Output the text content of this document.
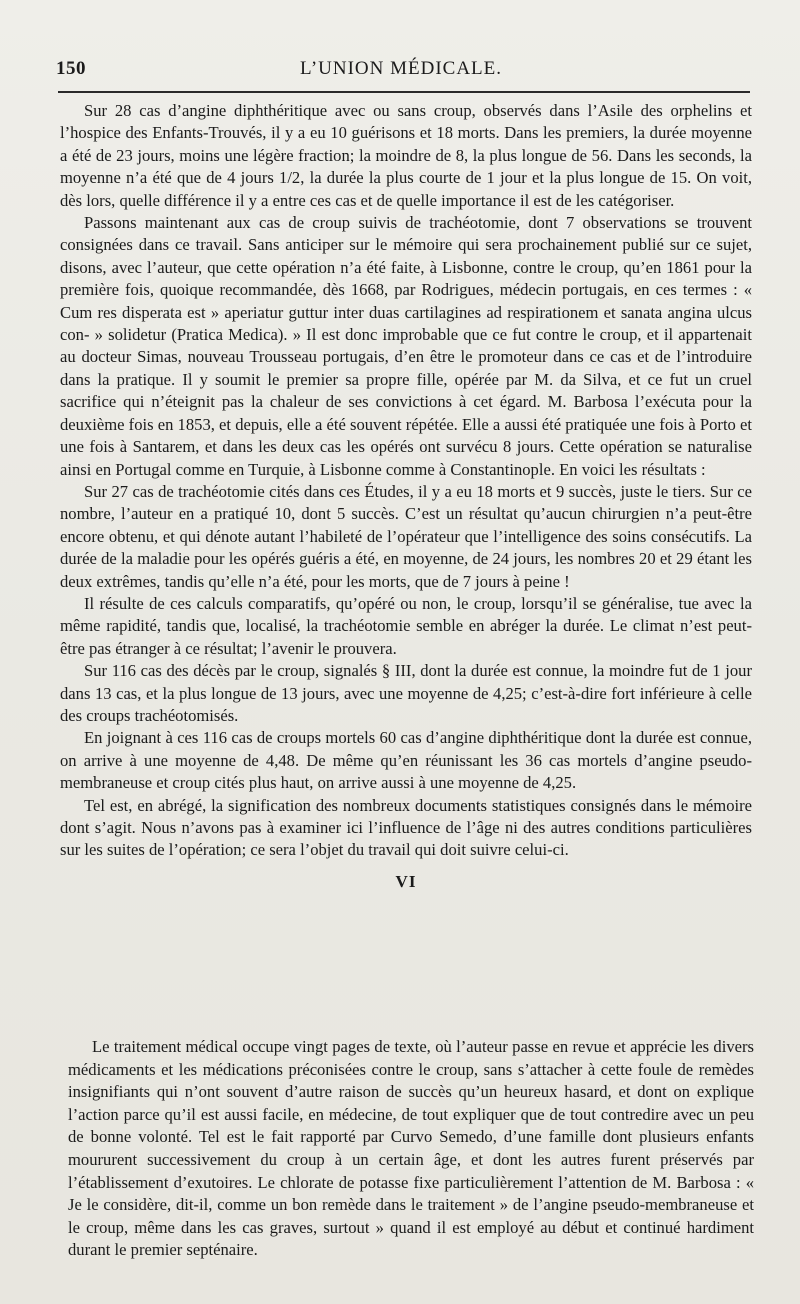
150	L’UNION MÉDICALE.

Sur 28 cas d’angine diphthéritique avec ou sans croup, observés dans l’Asile des orphelins et l’hospice des Enfants-Trouvés, il y a eu 10 guérisons et 18 morts. Dans les premiers, la durée moyenne a été de 23 jours, moins une légère fraction; la moindre de 8, la plus longue de 56. Dans les seconds, la moyenne n’a été que de 4 jours 1/2, la durée la plus courte de 1 jour et la plus longue de 15. On voit, dès lors, quelle différence il y a entre ces cas et de quelle importance il est de les catégoriser.

Passons maintenant aux cas de croup suivis de trachéotomie, dont 7 observations se trouvent consignées dans ce travail. Sans anticiper sur le mémoire qui sera prochainement publié sur ce sujet, disons, avec l’auteur, que cette opération n’a été faite, à Lisbonne, contre le croup, qu’en 1861 pour la première fois, quoique recommandée, dès 1668, par Rodrigues, médecin portugais, en ces termes : « Cum res disperata est » aperiatur guttur inter duas cartilagines ad respirationem et sanata angina ulcus con- » solidetur (Pratica Medica). » Il est donc improbable que ce fut contre le croup, et il appartenait au docteur Simas, nouveau Trousseau portugais, d’en être le promoteur dans ce cas et de l’introduire dans la pratique. Il y soumit le premier sa propre fille, opérée par M. da Silva, et ce fut un cruel sacrifice qui n’éteignit pas la chaleur de ses convictions à cet égard. M. Barbosa l’exécuta pour la deuxième fois en 1853, et depuis, elle a été souvent répétée. Elle a aussi été pratiquée une fois à Porto et une fois à Santarem, et dans les deux cas les opérés ont survécu 8 jours. Cette opération se naturalise ainsi en Portugal comme en Turquie, à Lisbonne comme à Constantinople. En voici les résultats :

Sur 27 cas de trachéotomie cités dans ces Études, il y a eu 18 morts et 9 succès, juste le tiers. Sur ce nombre, l’auteur en a pratiqué 10, dont 5 succès. C’est un résultat qu’aucun chirurgien n’a peut-être encore obtenu, et qui dénote autant l’habileté de l’opérateur que l’intelligence des soins consécutifs. La durée de la maladie pour les opérés guéris a été, en moyenne, de 24 jours, les nombres 20 et 29 étant les deux extrêmes, tandis qu’elle n’a été, pour les morts, que de 7 jours à peine !

Il résulte de ces calculs comparatifs, qu’opéré ou non, le croup, lorsqu’il se généralise, tue avec la même rapidité, tandis que, localisé, la trachéotomie semble en abréger la durée. Le climat n’est peut-être pas étranger à ce résultat; l’avenir le prouvera.

Sur 116 cas des décès par le croup, signalés § III, dont la durée est connue, la moindre fut de 1 jour dans 13 cas, et la plus longue de 13 jours, avec une moyenne de 4,25; c’est-à-dire fort inférieure à celle des croups trachéotomisés.

En joignant à ces 116 cas de croups mortels 60 cas d’angine diphthéritique dont la durée est connue, on arrive à une moyenne de 4,48. De même qu’en réunissant les 36 cas mortels d’angine pseudo-membraneuse et croup cités plus haut, on arrive aussi à une moyenne de 4,25.

Tel est, en abrégé, la signification des nombreux documents statistiques consignés dans le mémoire dont s’agit. Nous n’avons pas à examiner ici l’influence de l’âge ni des autres conditions particulières sur les suites de l’opération; ce sera l’objet du travail qui doit suivre celui-ci.

VI

Le traitement médical occupe vingt pages de texte, où l’auteur passe en revue et apprécie les divers médicaments et les médications préconisées contre le croup, sans s’attacher à cette foule de remèdes insignifiants qui n’ont souvent d’autre raison de succès qu’un heureux hasard, et dont on explique l’action parce qu’il est aussi facile, en médecine, de tout expliquer que de tout contredire avec un peu de bonne volonté. Tel est le fait rapporté par Curvo Semedo, d’une famille dont plusieurs enfants moururent successivement du croup à un certain âge, et dont les autres furent préservés par l’établissement d’exutoires. Le chlorate de potasse fixe particulièrement l’attention de M. Barbosa : « Je le considère, dit-il, comme un bon remède dans le traitement » de l’angine pseudo-membraneuse et le croup, même dans les cas graves, surtout » quand il est employé au début et continué hardiment durant le premier septénaire.
